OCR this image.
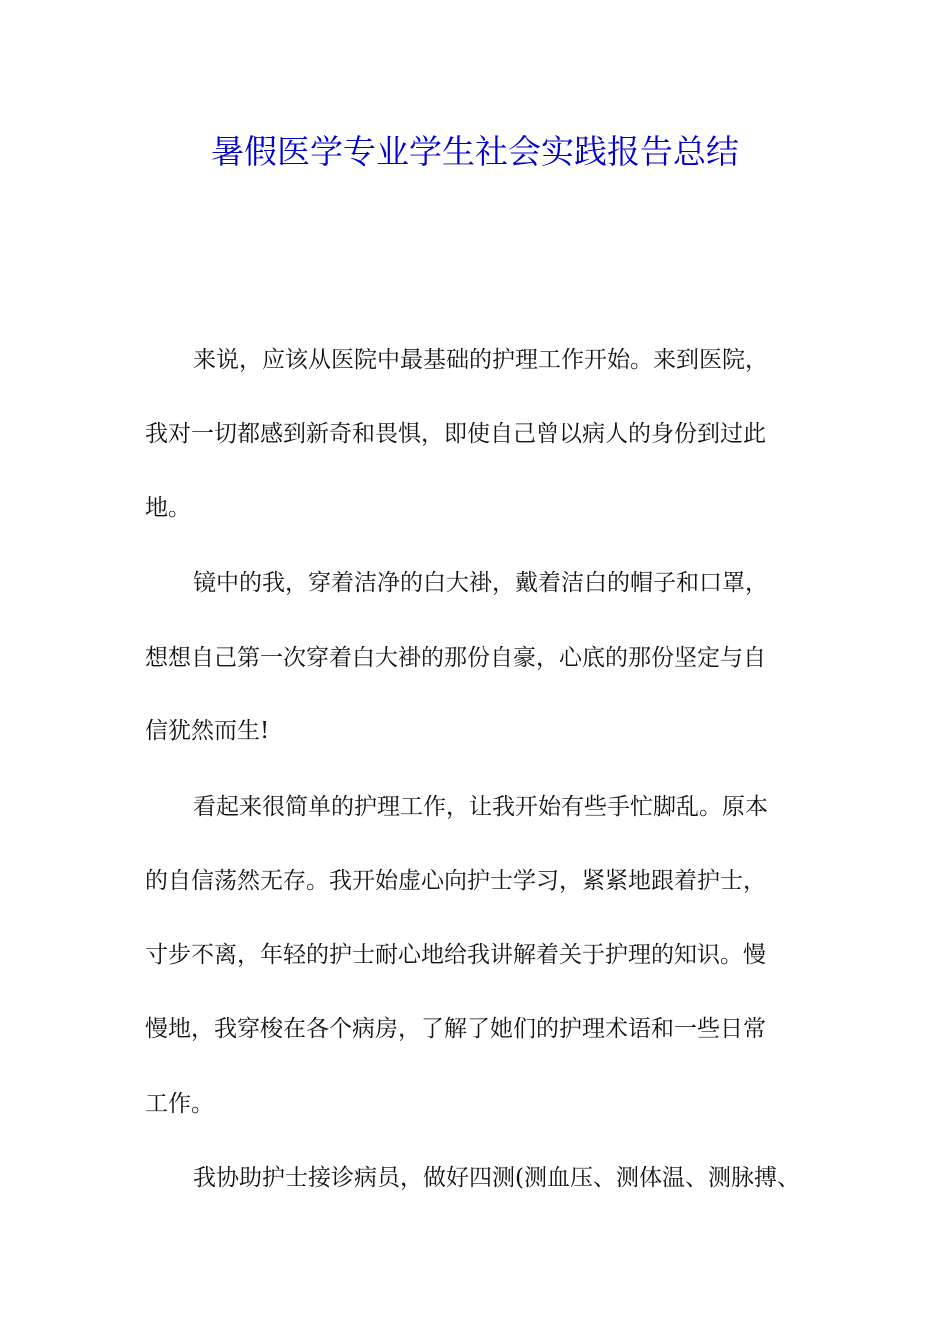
暑假医学专业学生社会实践报告总结
来说，应该从医院中最基础的护理工作开始。来到医院，
我对一切都感到新奇和畏惧，即使自己曾以病人的身份到过此
地。
镜中的我，穿着洁净的白大褂，戴着洁白的帽子和口罩，
想想自己第一次穿着白大褂的那份自豪，心底的那份坚定与自
信犹然而生!
看起来很简单的护理工作，让我开始有些手忙脚乱。原本
的自信荡然无存。我开始虚心向护士学习，紧紧地跟着护士，
寸步不离，年轻的护士耐心地给我讲解着关于护理的知识。慢
慢地，我穿梭在各个病房，了解了她们的护理术语和一些日常
工作。
我协助护士接诊病员，做好四测(测血压、测体温、测脉搏、
